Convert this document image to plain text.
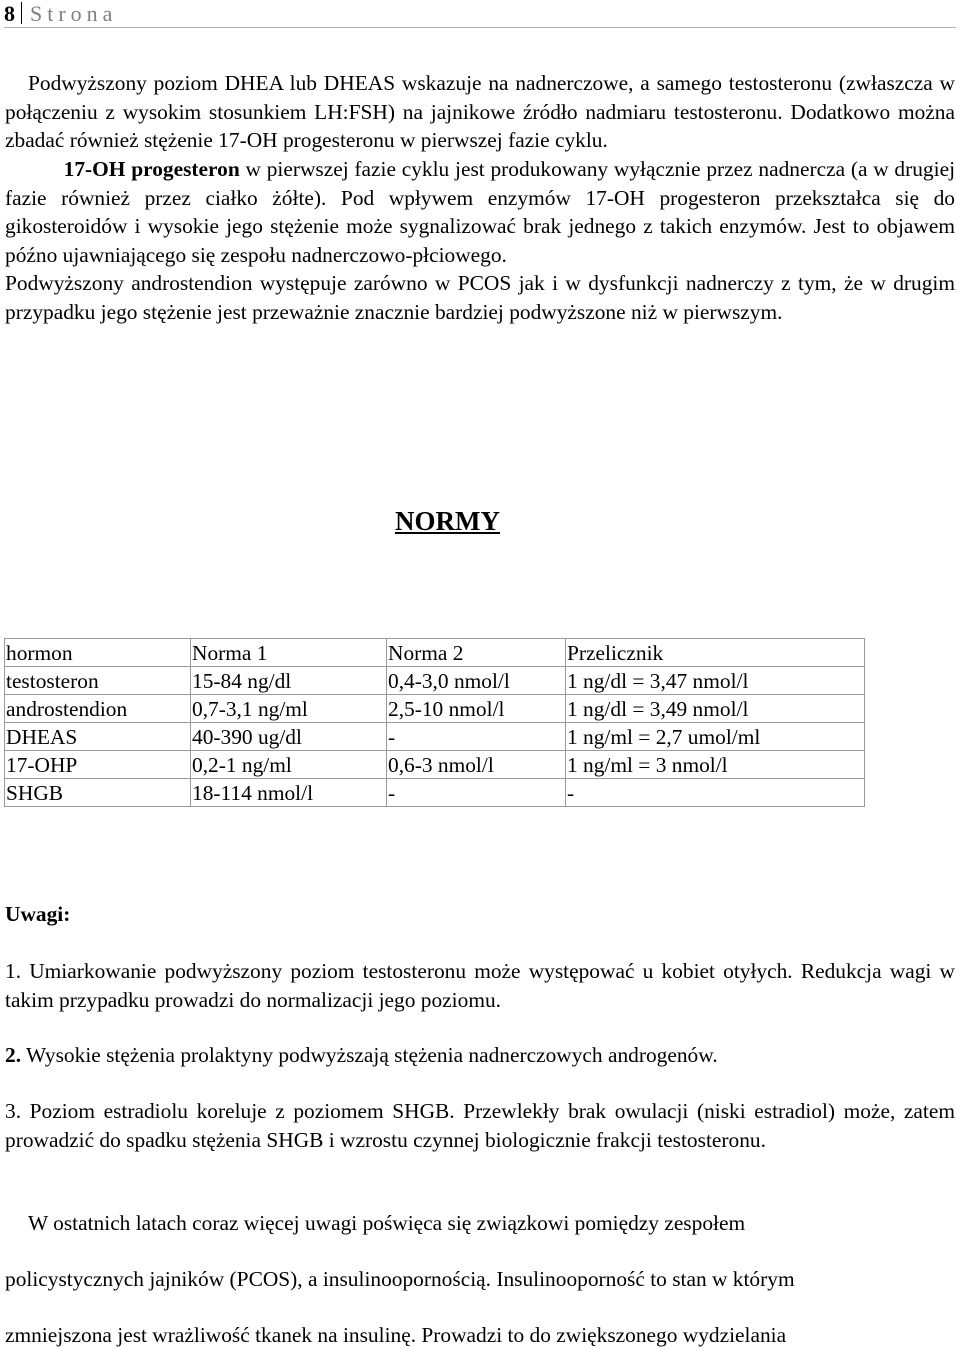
8 Strona

Podwyższony poziom DHEA lub DHEAS wskazuje na nadnerczowe, a samego testosteronu (zwłaszcza w połączeniu z wysokim stosunkiem LH:FSH) na jajnikowe źródło nadmiaru testosteronu. Dodatkowo można zbadać również stężenie 17-OH progesteronu w pierwszej fazie cyklu.

17-OH progesteron w pierwszej fazie cyklu jest produkowany wyłącznie przez nadnercza (a w drugiej fazie również przez ciałko żółte). Pod wpływem enzymów 17-OH progesteron przekształca się do gikosteroidów i wysokie jego stężenie może sygnalizować brak jednego z takich enzymów. Jest to objawem późno ujawniającego się zespołu nadnerczowo-płciowego.

Podwyższony androstendion występuje zarówno w PCOS jak i w dysfunkcji nadnerczy z tym, że w drugim przypadku jego stężenie jest przeważnie znacznie bardziej podwyższone niż w pierwszym.

NORMY
hormon	Norma 1	Norma 2	Przelicznik
testosteron	15-84 ng/dl	0,4-3,0 nmol/l	1 ng/dl = 3,47 nmol/l
androstendion	0,7-3,1 ng/ml	2,5-10 nmol/l	1 ng/dl = 3,49 nmol/l
DHEAS	40-390 ug/dl	-	1 ng/ml = 2,7 umol/ml
17-OHP	0,2-1 ng/ml	0,6-3 nmol/l	1 ng/ml = 3 nmol/l
SHGB	18-114 nmol/l	-	-

Uwagi:

1. Umiarkowanie podwyższony poziom testosteronu może występować u kobiet otyłych. Redukcja wagi w takim przypadku prowadzi do normalizacji jego poziomu.

2. Wysokie stężenia prolaktyny podwyższają stężenia nadnerczowych androgenów.

3. Poziom estradiolu koreluje z poziomem SHGB. Przewlekły brak owulacji (niski estradiol) może, zatem prowadzić do spadku stężenia SHGB i wzrostu czynnej biologicznie frakcji testosteronu.

W ostatnich latach coraz więcej uwagi poświęca się związkowi pomiędzy zespołem

policystycznych jajników (PCOS), a insulinoopornością. Insulinooporność to stan w którym

zmniejszona jest wrażliwość tkanek na insulinę. Prowadzi to do zwiększonego wydzielania
